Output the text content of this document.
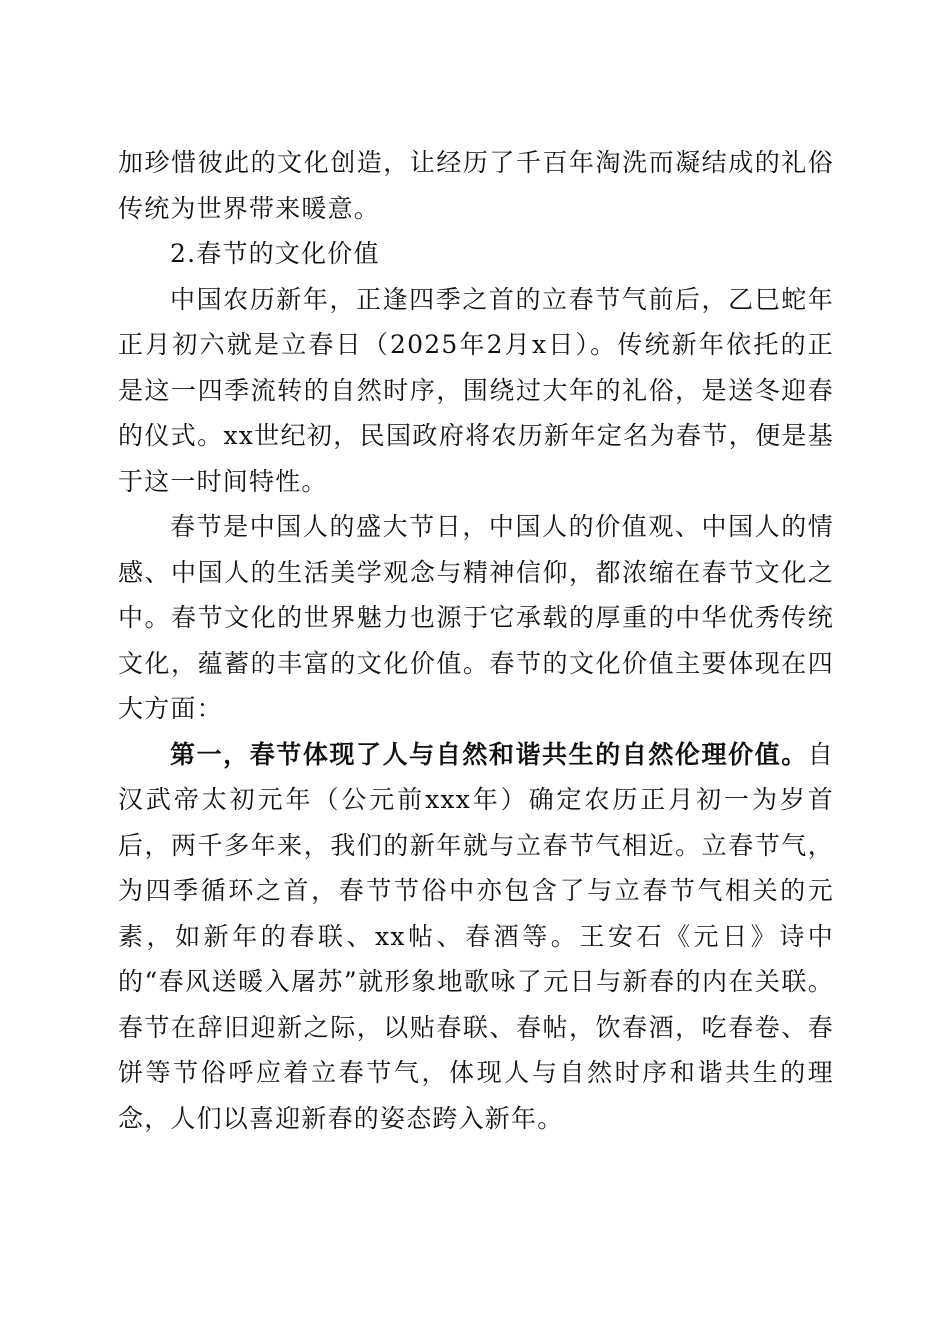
加珍惜彼此的文化创造，让经历了千百年淘洗而凝结成的礼俗传统为世界带来暖意。

2.春节的文化价值

中国农历新年，正逢四季之首的立春节气前后，乙巳蛇年正月初六就是立春日（2025年2月x日）。传统新年依托的正是这一四季流转的自然时序，围绕过大年的礼俗，是送冬迎春的仪式。xx世纪初，民国政府将农历新年定名为春节，便是基于这一时间特性。

春节是中国人的盛大节日，中国人的价值观、中国人的情感、中国人的生活美学观念与精神信仰，都浓缩在春节文化之中。春节文化的世界魅力也源于它承载的厚重的中华优秀传统文化，蕴蓄的丰富的文化价值。春节的文化价值主要体现在四大方面：

第一，春节体现了人与自然和谐共生的自然伦理价值。自汉武帝太初元年（公元前xxx年）确定农历正月初一为岁首后，两千多年来，我们的新年就与立春节气相近。立春节气，为四季循环之首，春节节俗中亦包含了与立春节气相关的元素，如新年的春联、xx帖、春酒等。王安石《元日》诗中的“春风送暖入屠苏”就形象地歌咏了元日与新春的内在关联。春节在辞旧迎新之际，以贴春联、春帖，饮春酒，吃春卷、春饼等节俗呼应着立春节气，体现人与自然时序和谐共生的理念，人们以喜迎新春的姿态跨入新年。
